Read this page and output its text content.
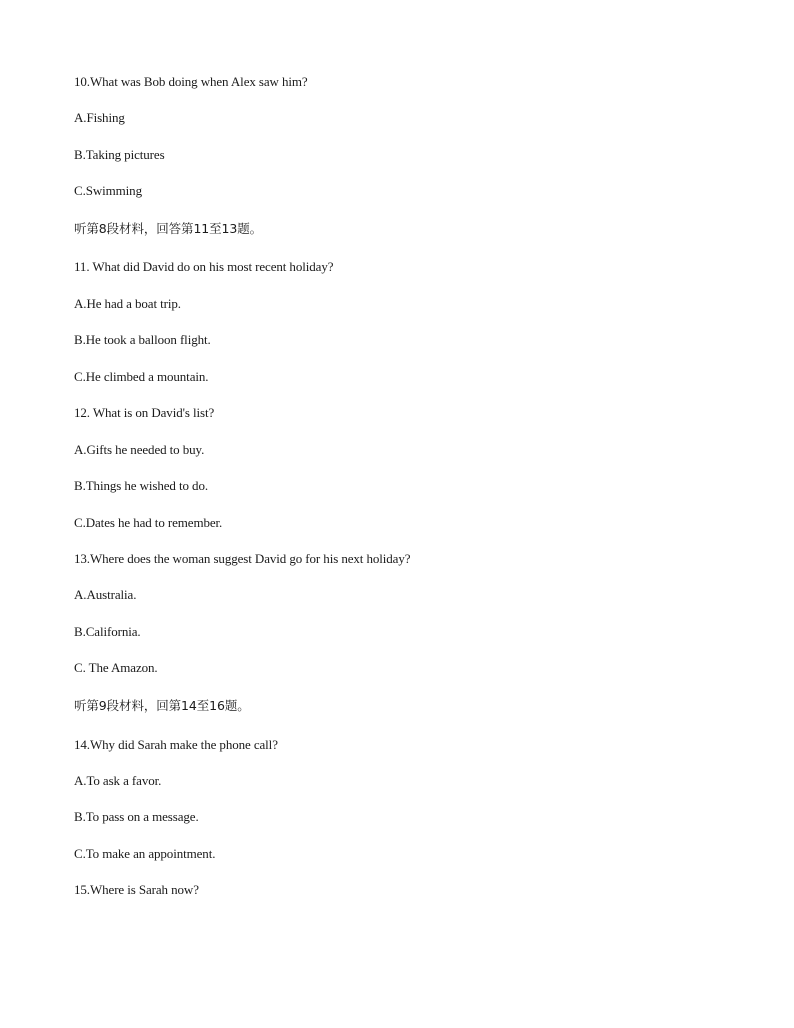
10.What was Bob doing when Alex saw him?
A.Fishing
B.Taking pictures
C.Swimming
听第8段材料，回答第11至13题。
11. What did David do on his most recent holiday?
A.He had a boat trip.
B.He took a balloon flight.
C.He climbed a mountain.
12. What is on David's list?
A.Gifts he needed to buy.
B.Things he wished to do.
C.Dates he had to remember.
13.Where does the woman suggest David go for his next holiday?
A.Australia.
B.California.
C. The Amazon.
听第9段材料，回第14至16题。
14.Why did Sarah make the phone call?
A.To ask a favor.
B.To pass on a message.
C.To make an appointment.
15.Where is Sarah now?
